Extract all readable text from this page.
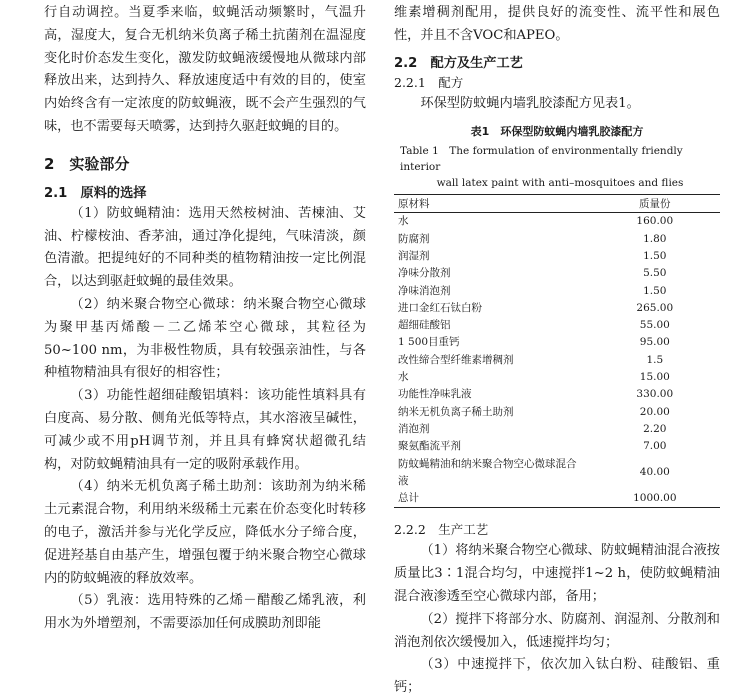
行自动调控。当夏季来临，蚊蝇活动频繁时，气温升高，湿度大，复合无机纳米负离子稀土抗菌剂在温湿度变化时价态发生变化，激发防蚊蝇液缓慢地从微球内部释放出来，达到持久、释放速度适中有效的目的，使室内始终含有一定浓度的防蚊蝇液，既不会产生强烈的气味，也不需要每天喷雾，达到持久驱赶蚊蝇的目的。

2　实验部分
2.1　原料的选择

（1）防蚊蝇精油：选用天然桉树油、苦楝油、艾油、柠檬桉油、香茅油，通过净化提纯，气味清淡，颜色清澈。把提纯好的不同种类的植物精油按一定比例混合，以达到驱赶蚊蝇的最佳效果。

（2）纳米聚合物空心微球：纳米聚合物空心微球为聚甲基丙烯酸－二乙烯苯空心微球，其粒径为50~100 nm，为非极性物质，具有较强亲油性，与各种植物精油具有很好的相容性；

（3）功能性超细硅酸铝填料：该功能性填料具有白度高、易分散、侧角光低等特点，其水溶液呈碱性，可减少或不用pH调节剂，并且具有蜂窝状超微孔结构，对防蚊蝇精油具有一定的吸附承载作用。

（4）纳米无机负离子稀土助剂：该助剂为纳米稀土元素混合物，利用纳米级稀土元素在价态变化时转移的电子，激活并参与光化学反应，降低水分子缔合度，促进羟基自由基产生，增强包覆于纳米聚合物空心微球内的防蚊蝇液的释放效率。

（5）乳液：选用特殊的乙烯－醋酸乙烯乳液，利用水为外增塑剂，不需要添加任何成膜助剂即能

维素增稠剂配用，提供良好的流变性、流平性和展色性，并且不含VOC和APEO。

2.2　配方及生产工艺
2.2.1　配方

环保型防蚊蝇内墙乳胶漆配方见表1。

表1　环保型防蚊蝇内墙乳胶漆配方

Table 1　The formulation of environmentally friendly interior
wall latex paint with anti–mosquitoes and flies

原材料	质量份
水	160.00
防腐剂	1.80
润湿剂	1.50
净味分散剂	5.50
净味消泡剂	1.50
进口金红石钛白粉	265.00
超细硅酸铝	55.00
1 500目重钙	95.00
改性缔合型纤维素增稠剂	1.5
水	15.00
功能性净味乳液	330.00
纳米无机负离子稀土助剂	20.00
消泡剂	2.20
聚氨酯流平剂	7.00
防蚊蝇精油和纳米聚合物空心微球混合液	40.00
总计	1000.00
2.2.2　生产工艺

（1）将纳米聚合物空心微球、防蚊蝇精油混合液按质量比3∶1混合均匀，中速搅拌1~2 h，使防蚊蝇精油混合液渗透至空心微球内部，备用；

（2）搅拌下将部分水、防腐剂、润湿剂、分散剂和消泡剂依次缓慢加入，低速搅拌均匀；

（3）中速搅拌下，依次加入钛白粉、硅酸铝、重钙；
